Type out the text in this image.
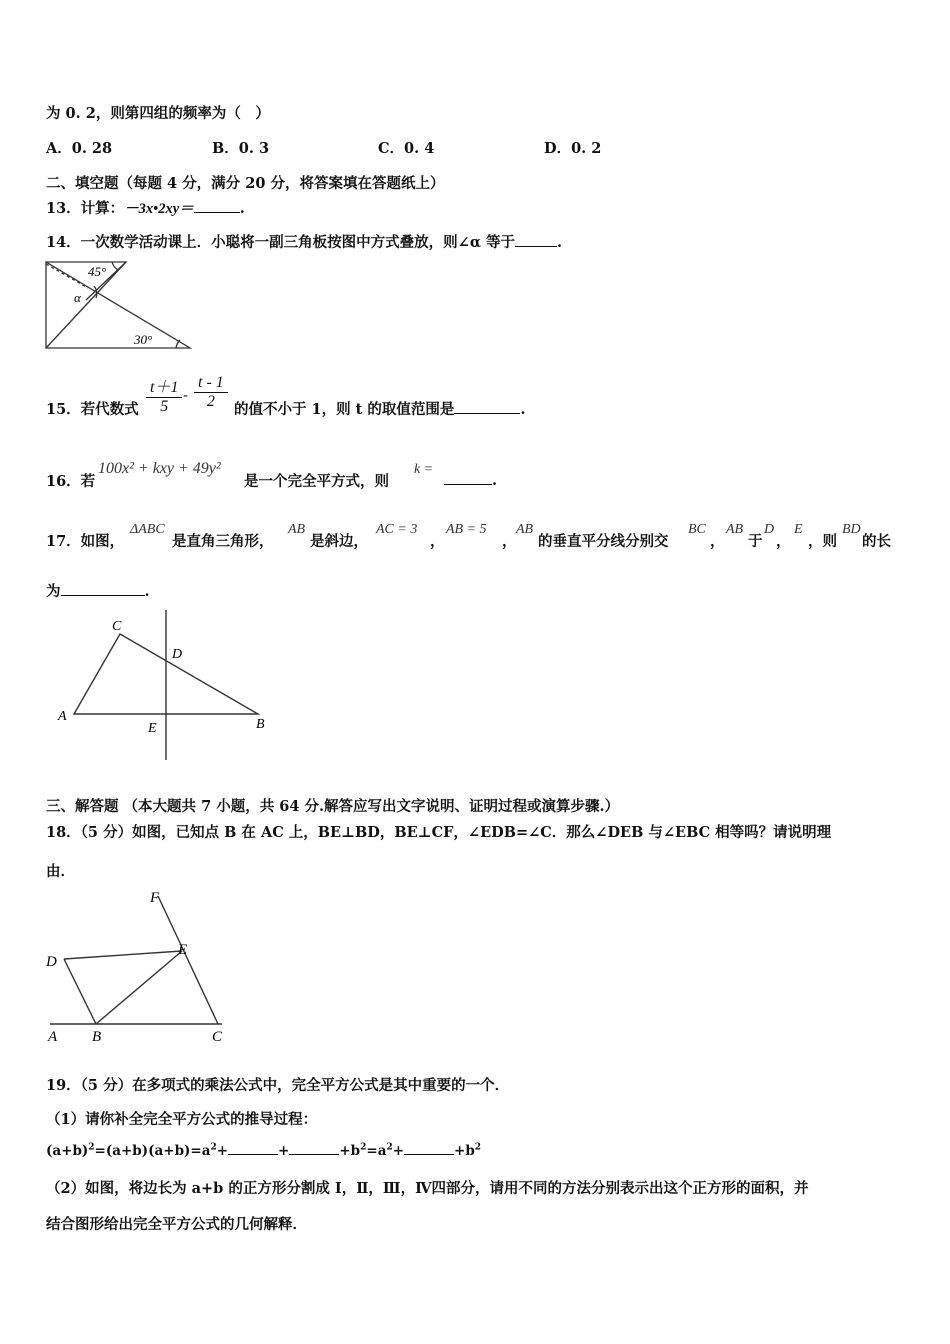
为 0. 2，则第四组的频率为（　）
A．0. 28	B．0. 3	C．0. 4	D．0. 2
二、填空题（每题 4 分，满分 20 分，将答案填在答题纸上）
13．计算：－3x•2xy＝	.
14．一次数学活动课上．小聪将一副三角板按图中方式叠放，则∠α 等于	.
45°
α
30°
15．若代数式 $\frac{t+1}{5} - \frac{t - 1}{2}$ 的值不小于 1，则 t 的取值范围是	.
16．若
100x² + kxy + 49y²
是一个完全平方式，则
k =
.
17．如图，
ΔABC
是直角三角形，
AB
是斜边，
AC = 3
，
AB = 5
，
AB
的垂直平分线分别交
BC
，
AB
于
D
，
E
，则
BD
的长
为	.
C
D
A
E	B
三、解答题 （本大题共 7 小题，共 64 分.解答应写出文字说明、证明过程或演算步骤.）
18．（5 分）如图，已知点 B 在 AC 上，BE⊥BD，BE⊥CF，∠EDB=∠C．那么∠DEB 与∠EBC 相等吗？请说明理
由．
F
D
E
A B	C
19．（5 分）在多项式的乘法公式中，完全平方公式是其中重要的一个．
（1）请你补全完全平方公式的推导过程：
$(a+b)^2=(a+b)(a+b)=a^2+$	+	$+b^2=a^2+$	$+b^2$
（2）如图，将边长为 a+b 的正方形分割成 I，Ⅱ，Ⅲ，Ⅳ四部分，请用不同的方法分别表示出这个正方形的面积，并
结合图形给出完全平方公式的几何解释．
